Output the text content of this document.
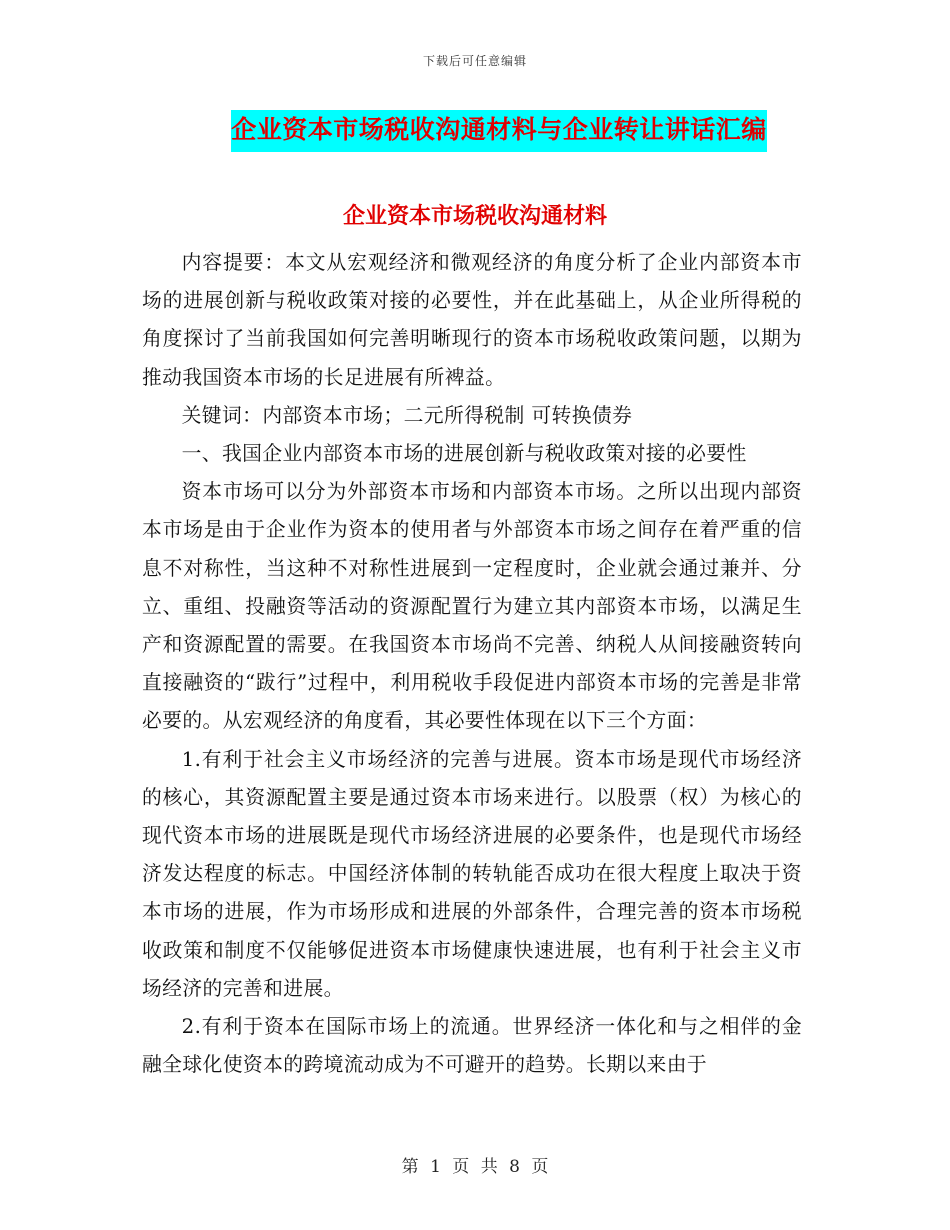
下载后可任意编辑
企业资本市场税收沟通材料与企业转让讲话汇编
企业资本市场税收沟通材料

内容提要：本文从宏观经济和微观经济的角度分析了企业内部资本市场的进展创新与税收政策对接的必要性，并在此基础上，从企业所得税的角度探讨了当前我国如何完善明晰现行的资本市场税收政策问题，以期为推动我国资本市场的长足进展有所裨益。

关键词：内部资本市场；二元所得税制 可转换债券

一、我国企业内部资本市场的进展创新与税收政策对接的必要性

资本市场可以分为外部资本市场和内部资本市场。之所以出现内部资本市场是由于企业作为资本的使用者与外部资本市场之间存在着严重的信息不对称性，当这种不对称性进展到一定程度时，企业就会通过兼并、分立、重组、投融资等活动的资源配置行为建立其内部资本市场，以满足生产和资源配置的需要。在我国资本市场尚不完善、纳税人从间接融资转向直接融资的“跋行”过程中，利用税收手段促进内部资本市场的完善是非常必要的。从宏观经济的角度看，其必要性体现在以下三个方面：

1.有利于社会主义市场经济的完善与进展。资本市场是现代市场经济的核心，其资源配置主要是通过资本市场来进行。以股票（权）为核心的现代资本市场的进展既是现代市场经济进展的必要条件，也是现代市场经济发达程度的标志。中国经济体制的转轨能否成功在很大程度上取决于资本市场的进展，作为市场形成和进展的外部条件，合理完善的资本市场税收政策和制度不仅能够促进资本市场健康快速进展，也有利于社会主义市场经济的完善和进展。

2.有利于资本在国际市场上的流通。世界经济一体化和与之相伴的金融全球化使资本的跨境流动成为不可避开的趋势。长期以来由于

第 1 页 共 8 页
